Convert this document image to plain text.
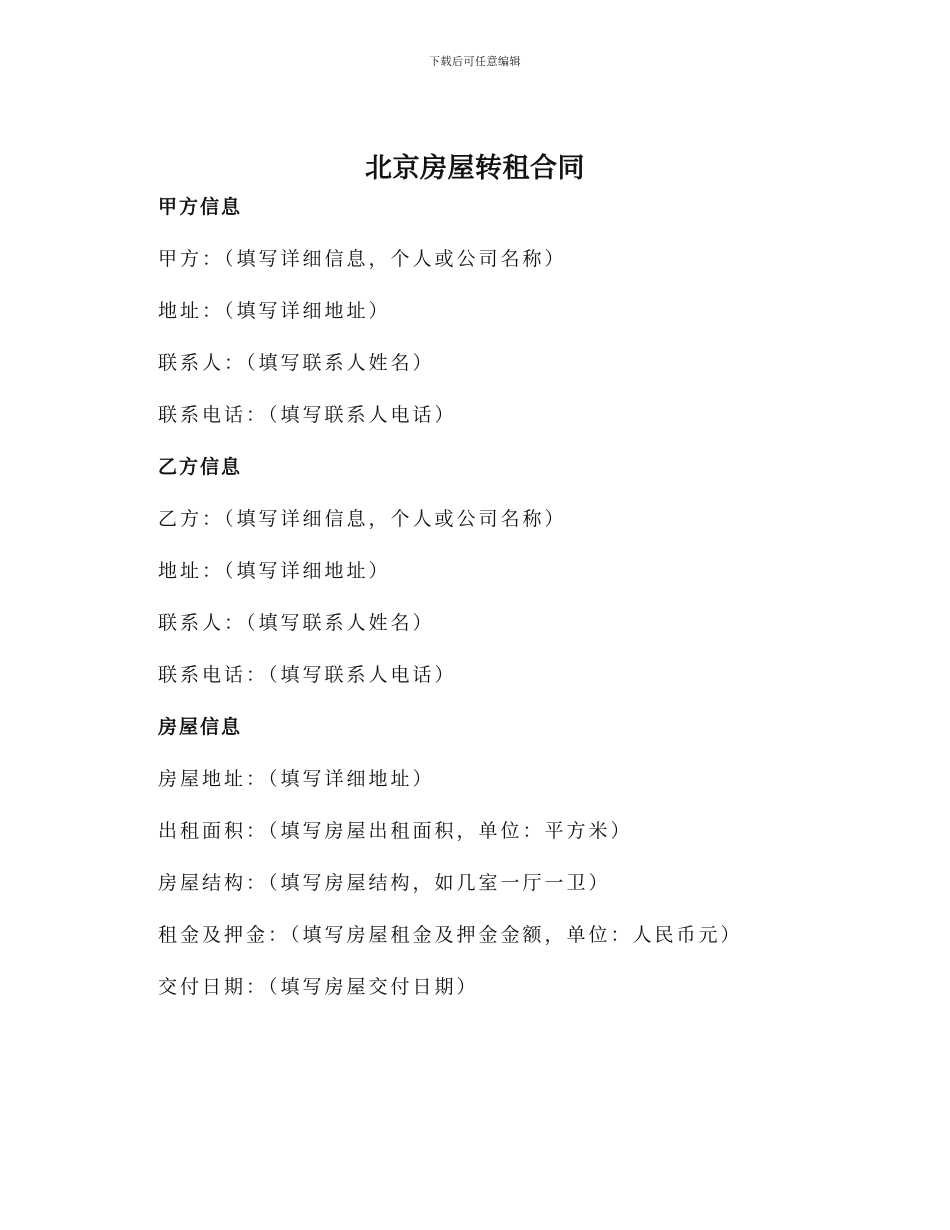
下载后可任意编辑
北京房屋转租合同
甲方信息
甲方：（填写详细信息，个人或公司名称）
地址：（填写详细地址）
联系人：（填写联系人姓名）
联系电话：（填写联系人电话）
乙方信息
乙方：（填写详细信息，个人或公司名称）
地址：（填写详细地址）
联系人：（填写联系人姓名）
联系电话：（填写联系人电话）
房屋信息
房屋地址：（填写详细地址）
出租面积：（填写房屋出租面积，单位：平方米）
房屋结构：（填写房屋结构，如几室一厅一卫）
租金及押金：（填写房屋租金及押金金额，单位：人民币元）
交付日期：（填写房屋交付日期）
